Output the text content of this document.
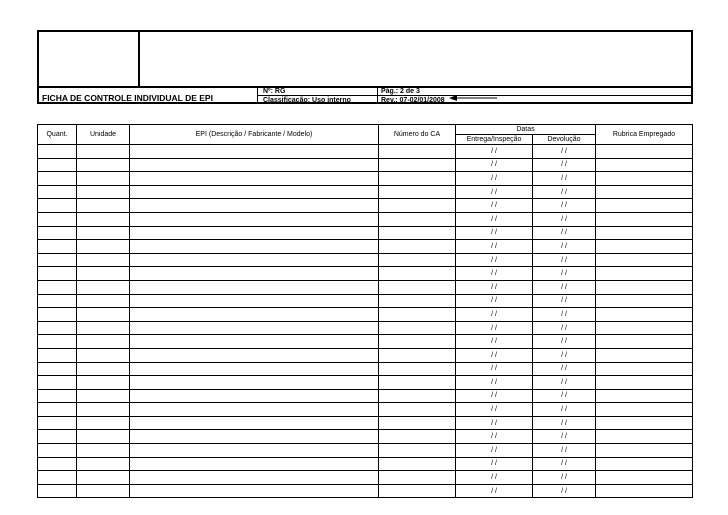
FICHA DE CONTROLE INDIVIDUAL DE EPI
Nº: RG
Classificação: Uso interno
Pág.: 2 de 3
Rev.: 07-02/01/2008
Quant.	Unidade	EPI (Descrição / Fabricante / Modelo)	Número do CA	Datas		Rubrica Empregado
				Entrega/Inspeção	Devolução	
				/ /	/ /	
				/ /	/ /	
				/ /	/ /	
				/ /	/ /	
				/ /	/ /	
				/ /	/ /	
				/ /	/ /	
				/ /	/ /	
				/ /	/ /	
				/ /	/ /	
				/ /	/ /	
				/ /	/ /	
				/ /	/ /	
				/ /	/ /	
				/ /	/ /	
				/ /	/ /	
				/ /	/ /	
				/ /	/ /	
				/ /	/ /	
				/ /	/ /	
				/ /	/ /	
				/ /	/ /	
				/ /	/ /	
				/ /	/ /	
				/ /	/ /	
				/ /	/ /	
